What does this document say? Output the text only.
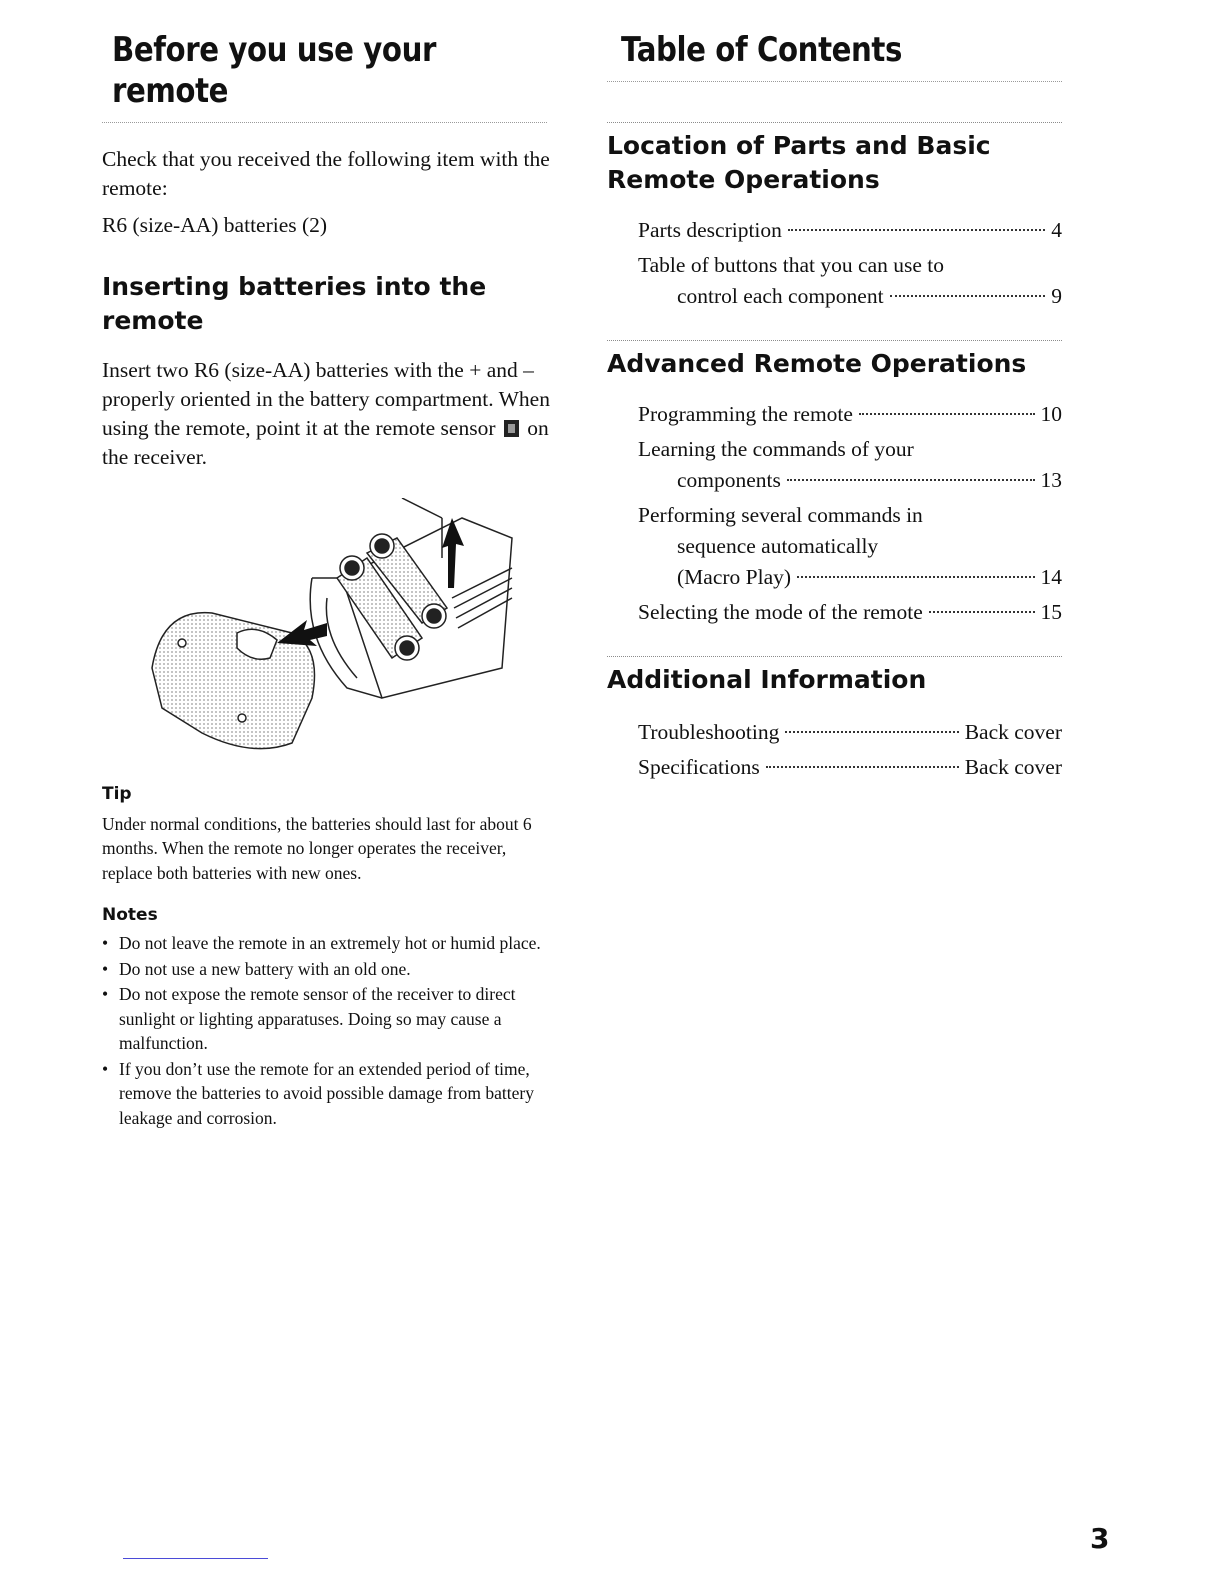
Before you use your
remote

Check that you received the following item with the remote:

R6 (size-AA) batteries (2)

Inserting batteries into the remote

Insert two R6 (size-AA) batteries with the + and – properly oriented in the battery compartment. When using the remote, point it at the remote sensor on the receiver.

Tip

Under normal conditions, the batteries should last for about 6 months. When the remote no longer operates the receiver, replace both batteries with new ones.

Notes
• Do not leave the remote in an extremely hot or humid place.
• Do not use a new battery with an old one.
• Do not expose the remote sensor of the receiver to direct sunlight or lighting apparatuses. Doing so may cause a malfunction.
• If you don’t use the remote for an extended period of time, remove the batteries to avoid possible damage from battery leakage and corrosion.
Table of Contents
Location of Parts and Basic
Remote Operations
Parts description	4
Table of buttons that you can use to
control each component	9
Advanced Remote Operations
Programming the remote	10
Learning the commands of your
components	13
Performing several commands in
sequence automatically
(Macro Play)	14
Selecting the mode of the remote	15
Additional Information
Troubleshooting	Back cover
Specifications	Back cover
3
